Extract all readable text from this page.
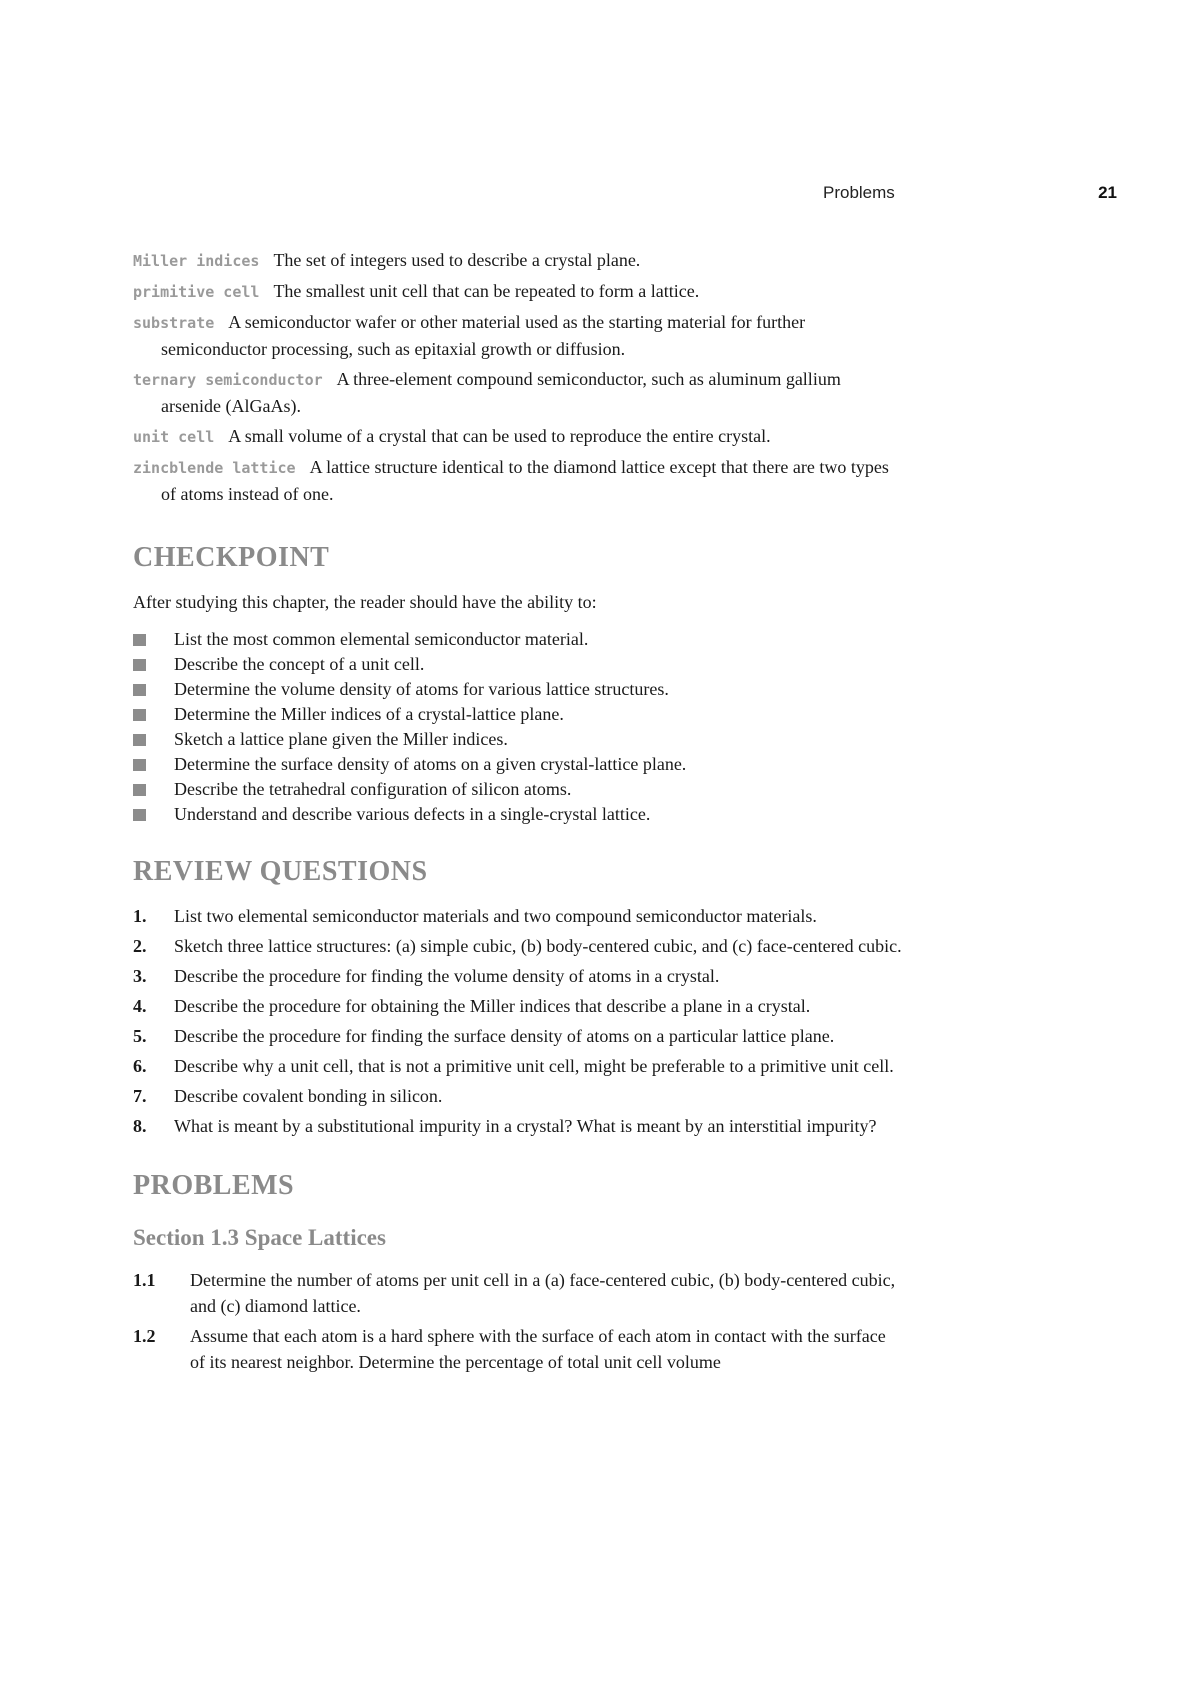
Problems	21
Miller indices The set of integers used to describe a crystal plane.
primitive cell The smallest unit cell that can be repeated to form a lattice.
substrate A semiconductor wafer or other material used as the starting material for further semiconductor processing, such as epitaxial growth or diffusion.
ternary semiconductor A three-element compound semiconductor, such as aluminum gallium arsenide (AlGaAs).
unit cell A small volume of a crystal that can be used to reproduce the entire crystal.
zincblende lattice A lattice structure identical to the diamond lattice except that there are two types of atoms instead of one.
CHECKPOINT
After studying this chapter, the reader should have the ability to:
List the most common elemental semiconductor material.
Describe the concept of a unit cell.
Determine the volume density of atoms for various lattice structures.
Determine the Miller indices of a crystal-lattice plane.
Sketch a lattice plane given the Miller indices.
Determine the surface density of atoms on a given crystal-lattice plane.
Describe the tetrahedral configuration of silicon atoms.
Understand and describe various defects in a single-crystal lattice.
REVIEW QUESTIONS
1. List two elemental semiconductor materials and two compound semiconductor materials.
2. Sketch three lattice structures: (a) simple cubic, (b) body-centered cubic, and (c) face-centered cubic.
3. Describe the procedure for finding the volume density of atoms in a crystal.
4. Describe the procedure for obtaining the Miller indices that describe a plane in a crystal.
5. Describe the procedure for finding the surface density of atoms on a particular lattice plane.
6. Describe why a unit cell, that is not a primitive unit cell, might be preferable to a primitive unit cell.
7. Describe covalent bonding in silicon.
8. What is meant by a substitutional impurity in a crystal? What is meant by an interstitial impurity?
PROBLEMS
Section 1.3 Space Lattices
1.1 Determine the number of atoms per unit cell in a (a) face-centered cubic, (b) body-centered cubic, and (c) diamond lattice.
1.2 Assume that each atom is a hard sphere with the surface of each atom in contact with the surface of its nearest neighbor. Determine the percentage of total unit cell volume
